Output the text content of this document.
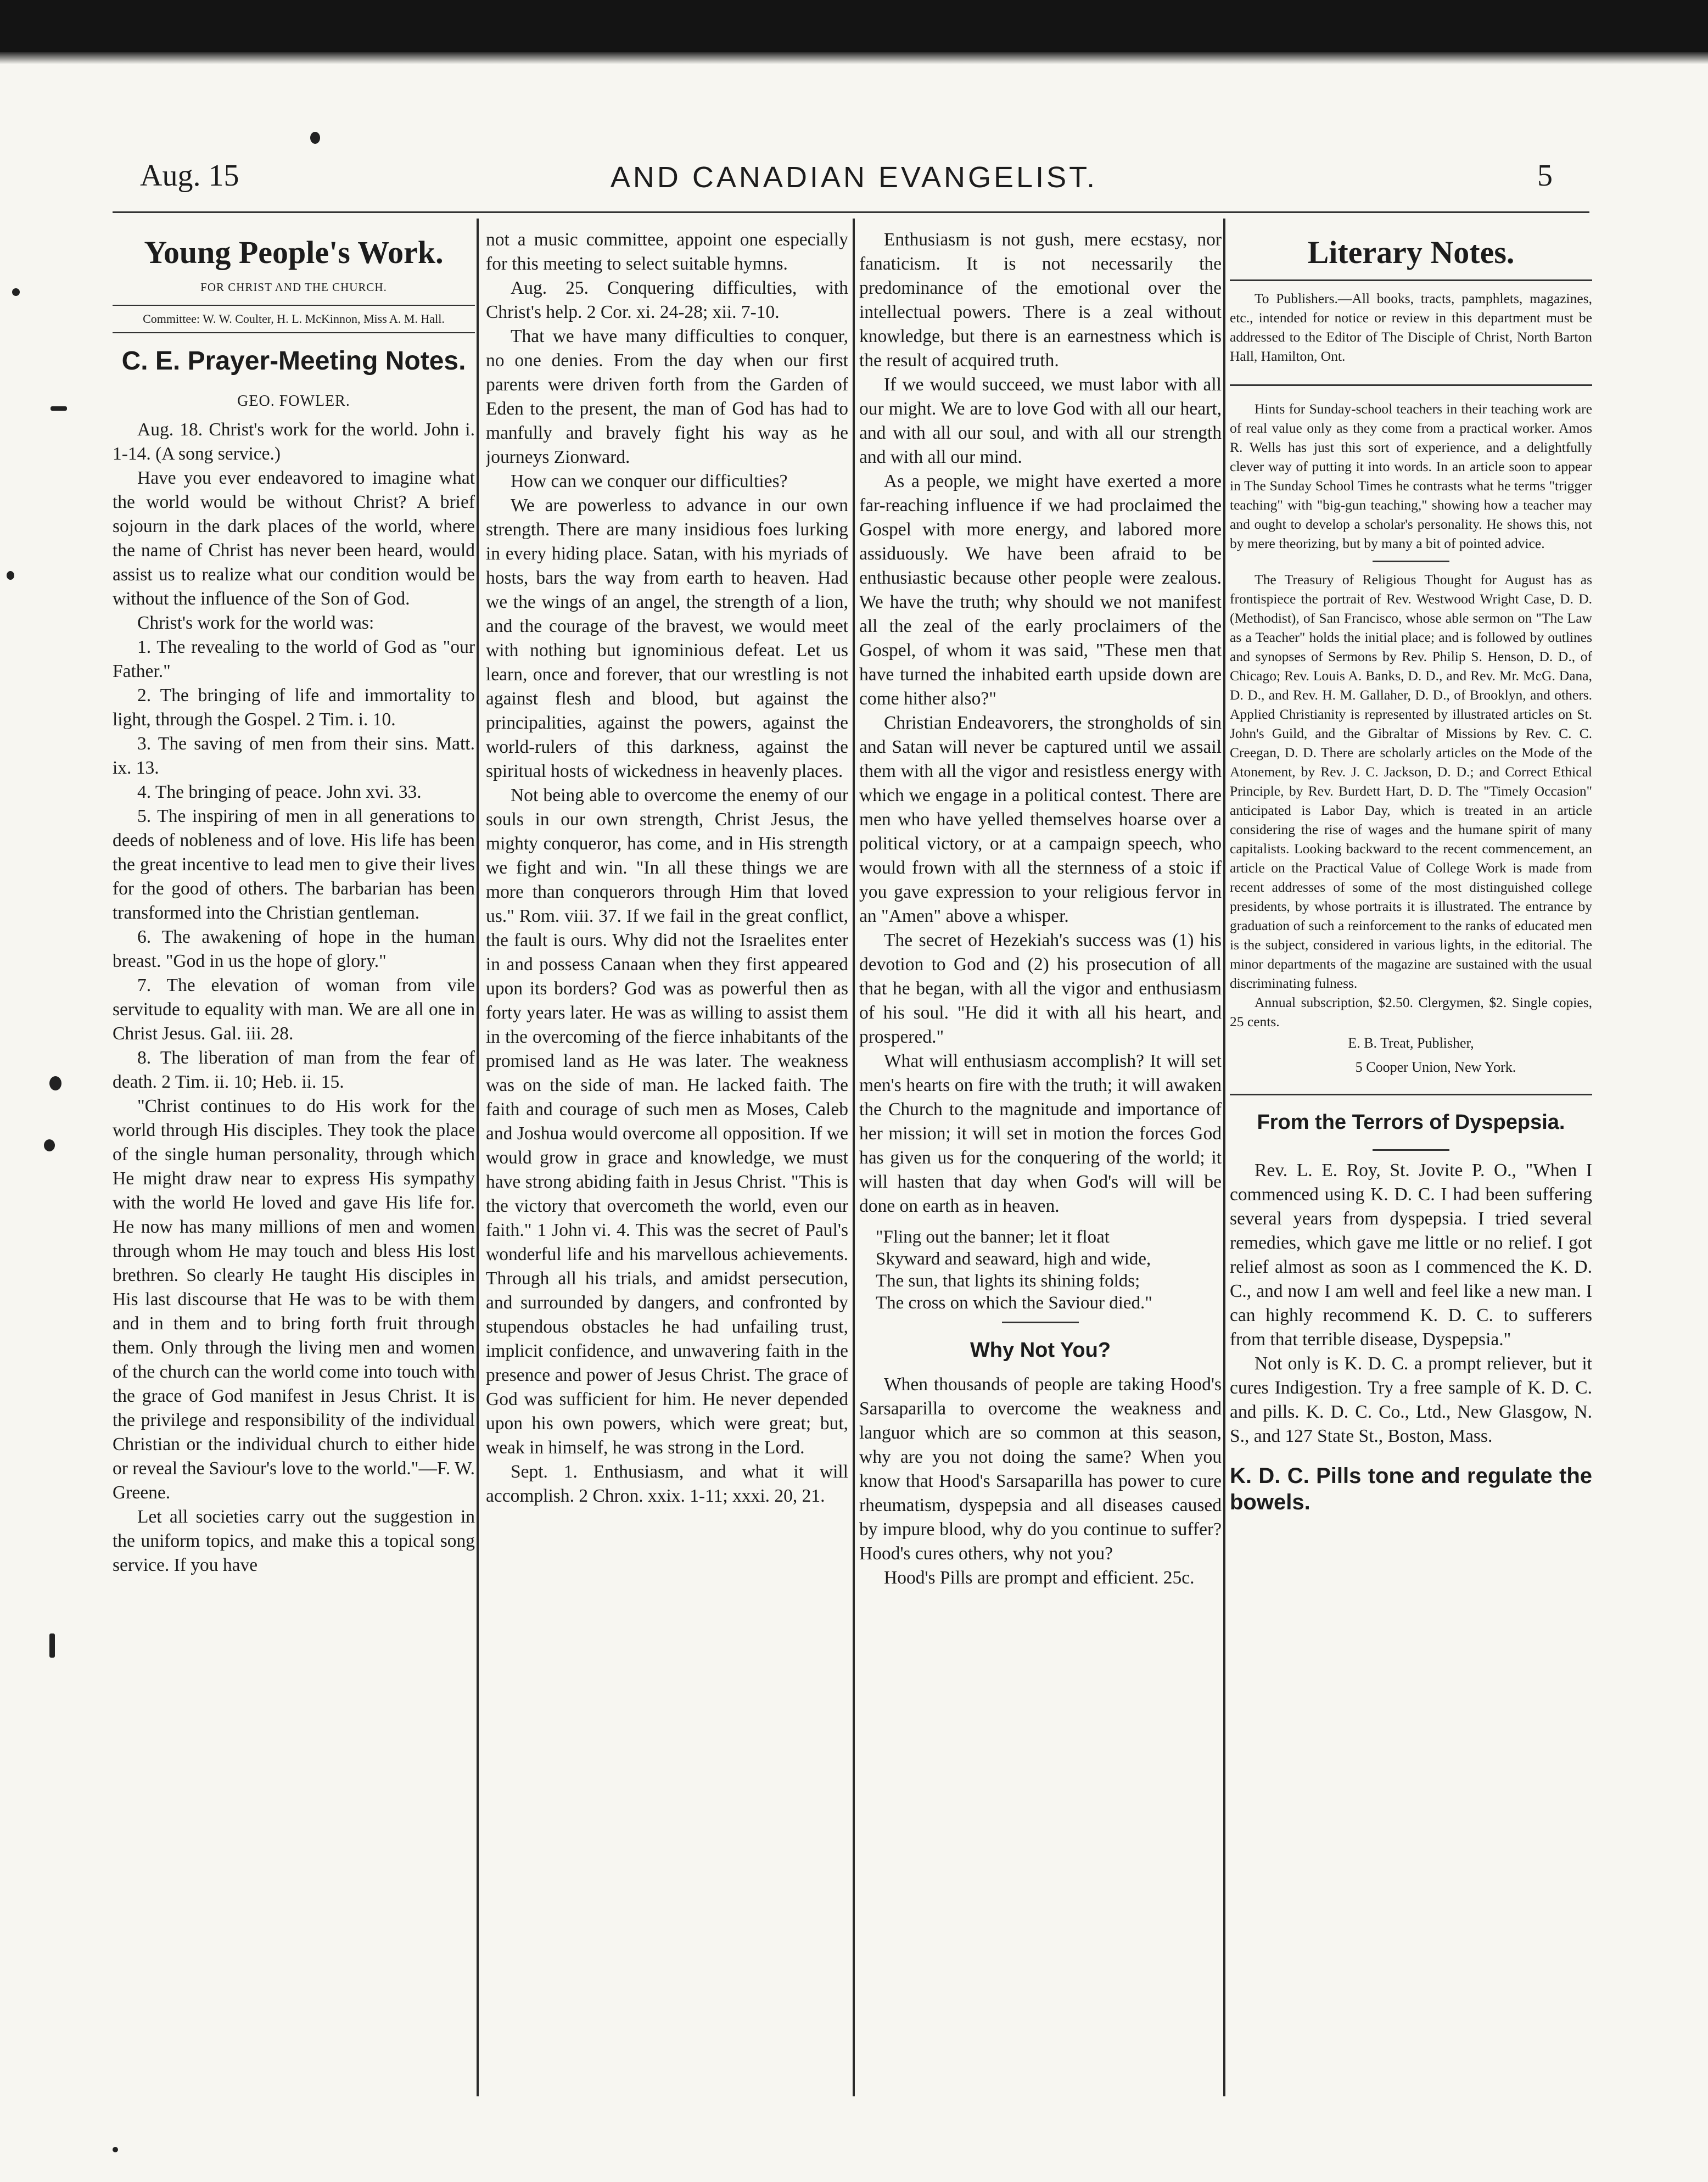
Aug. 15	AND CANADIAN EVANGELIST.	5
Young People's Work.
FOR CHRIST AND THE CHURCH.
Committee: W. W. Coulter, H. L. McKinnon, Miss A. M. Hall.
C. E. Prayer-Meeting Notes.
GEO. FOWLER.

Aug. 18. Christ's work for the world. John i. 1-14. (A song service.)

Have you ever endeavored to imagine what the world would be without Christ? A brief sojourn in the dark places of the world, where the name of Christ has never been heard, would assist us to realize what our condition would be without the influence of the Son of God.

Christ's work for the world was:

1. The revealing to the world of God as "our Father."

2. The bringing of life and immortality to light, through the Gospel. 2 Tim. i. 10.

3. The saving of men from their sins. Matt. ix. 13.

4. The bringing of peace. John xvi. 33.

5. The inspiring of men in all generations to deeds of nobleness and of love. His life has been the great incentive to lead men to give their lives for the good of others. The barbarian has been transformed into the Christian gentleman.

6. The awakening of hope in the human breast. "God in us the hope of glory."

7. The elevation of woman from vile servitude to equality with man. We are all one in Christ Jesus. Gal. iii. 28.

8. The liberation of man from the fear of death. 2 Tim. ii. 10; Heb. ii. 15.

"Christ continues to do His work for the world through His disciples. They took the place of the single human personality, through which He might draw near to express His sympathy with the world He loved and gave His life for. He now has many millions of men and women through whom He may touch and bless His lost brethren. So clearly He taught His disciples in His last discourse that He was to be with them and in them and to bring forth fruit through them. Only through the living men and women of the church can the world come into touch with the grace of God manifest in Jesus Christ. It is the privilege and responsibility of the individual Christian or the individual church to either hide or reveal the Saviour's love to the world."—F. W. Greene.

Let all societies carry out the suggestion in the uniform topics, and make this a topical song service. If you have

not a music committee, appoint one especially for this meeting to select suitable hymns.

Aug. 25. Conquering difficulties, with Christ's help. 2 Cor. xi. 24-28; xii. 7-10.

That we have many difficulties to conquer, no one denies. From the day when our first parents were driven forth from the Garden of Eden to the present, the man of God has had to manfully and bravely fight his way as he journeys Zionward.

How can we conquer our difficulties?

We are powerless to advance in our own strength. There are many insidious foes lurking in every hiding place. Satan, with his myriads of hosts, bars the way from earth to heaven. Had we the wings of an angel, the strength of a lion, and the courage of the bravest, we would meet with nothing but ignominious defeat. Let us learn, once and forever, that our wrestling is not against flesh and blood, but against the principalities, against the powers, against the world-rulers of this darkness, against the spiritual hosts of wickedness in heavenly places.

Not being able to overcome the enemy of our souls in our own strength, Christ Jesus, the mighty conqueror, has come, and in His strength we fight and win. "In all these things we are more than conquerors through Him that loved us." Rom. viii. 37. If we fail in the great conflict, the fault is ours. Why did not the Israelites enter in and possess Canaan when they first appeared upon its borders? God was as powerful then as forty years later. He was as willing to assist them in the overcoming of the fierce inhabitants of the promised land as He was later. The weakness was on the side of man. He lacked faith. The faith and courage of such men as Moses, Caleb and Joshua would overcome all opposition. If we would grow in grace and knowledge, we must have strong abiding faith in Jesus Christ. "This is the victory that overcometh the world, even our faith." 1 John vi. 4. This was the secret of Paul's wonderful life and his marvellous achievements. Through all his trials, and amidst persecution, and surrounded by dangers, and confronted by stupendous obstacles he had unfailing trust, implicit confidence, and unwavering faith in the presence and power of Jesus Christ. The grace of God was sufficient for him. He never depended upon his own powers, which were great; but, weak in himself, he was strong in the Lord.

Sept. 1. Enthusiasm, and what it will accomplish. 2 Chron. xxix. 1-11; xxxi. 20, 21.

Enthusiasm is not gush, mere ecstasy, nor fanaticism. It is not necessarily the predominance of the emotional over the intellectual powers. There is a zeal without knowledge, but there is an earnestness which is the result of acquired truth.

If we would succeed, we must labor with all our might. We are to love God with all our heart, and with all our soul, and with all our strength and with all our mind.

As a people, we might have exerted a more far-reaching influence if we had proclaimed the Gospel with more energy, and labored more assiduously. We have been afraid to be enthusiastic because other people were zealous. We have the truth; why should we not manifest all the zeal of the early proclaimers of the Gospel, of whom it was said, "These men that have turned the inhabited earth upside down are come hither also?"

Christian Endeavorers, the strongholds of sin and Satan will never be captured until we assail them with all the vigor and resistless energy with which we engage in a political contest. There are men who have yelled themselves hoarse over a political victory, or at a campaign speech, who would frown with all the sternness of a stoic if you gave expression to your religious fervor in an "Amen" above a whisper.

The secret of Hezekiah's success was (1) his devotion to God and (2) his prosecution of all that he began, with all the vigor and enthusiasm of his soul. "He did it with all his heart, and prospered."

What will enthusiasm accomplish? It will set men's hearts on fire with the truth; it will awaken the Church to the magnitude and importance of her mission; it will set in motion the forces God has given us for the conquering of the world; it will hasten that day when God's will will be done on earth as in heaven.

"Fling out the banner; let it float
Skyward and seaward, high and wide,
The sun, that lights its shining folds;
The cross on which the Saviour died."
Why Not You?

When thousands of people are taking Hood's Sarsaparilla to overcome the weakness and languor which are so common at this season, why are you not doing the same? When you know that Hood's Sarsaparilla has power to cure rheumatism, dyspepsia and all diseases caused by impure blood, why do you continue to suffer? Hood's cures others, why not you?

Hood's Pills are prompt and efficient. 25c.

Literary Notes.

To Publishers.—All books, tracts, pamphlets, magazines, etc., intended for notice or review in this department must be addressed to the Editor of The Disciple of Christ, North Barton Hall, Hamilton, Ont.

Hints for Sunday-school teachers in their teaching work are of real value only as they come from a practical worker. Amos R. Wells has just this sort of experience, and a delightfully clever way of putting it into words. In an article soon to appear in The Sunday School Times he contrasts what he terms "trigger teaching" with "big-gun teaching," showing how a teacher may and ought to develop a scholar's personality. He shows this, not by mere theorizing, but by many a bit of pointed advice.

The Treasury of Religious Thought for August has as frontispiece the portrait of Rev. Westwood Wright Case, D. D. (Methodist), of San Francisco, whose able sermon on "The Law as a Teacher" holds the initial place; and is followed by outlines and synopses of Sermons by Rev. Philip S. Henson, D. D., of Chicago; Rev. Louis A. Banks, D. D., and Rev. Mr. McG. Dana, D. D., and Rev. H. M. Gallaher, D. D., of Brooklyn, and others. Applied Christianity is represented by illustrated articles on St. John's Guild, and the Gibraltar of Missions by Rev. C. C. Creegan, D. D. There are scholarly articles on the Mode of the Atonement, by Rev. J. C. Jackson, D. D.; and Correct Ethical Principle, by Rev. Burdett Hart, D. D. The "Timely Occasion" anticipated is Labor Day, which is treated in an article considering the rise of wages and the humane spirit of many capitalists. Looking backward to the recent commencement, an article on the Practical Value of College Work is made from recent addresses of some of the most distinguished college presidents, by whose portraits it is illustrated. The entrance by graduation of such a reinforcement to the ranks of educated men is the subject, considered in various lights, in the editorial. The minor departments of the magazine are sustained with the usual discriminating fulness.

Annual subscription, $2.50. Clergymen, $2. Single copies, 25 cents.

E. B. Treat, Publisher,
5 Cooper Union, New York.
From the Terrors of Dyspepsia.

Rev. L. E. Roy, St. Jovite P. O., "When I commenced using K. D. C. I had been suffering several years from dyspepsia. I tried several remedies, which gave me little or no relief. I got relief almost as soon as I commenced the K. D. C., and now I am well and feel like a new man. I can highly recommend K. D. C. to sufferers from that terrible disease, Dyspepsia."

Not only is K. D. C. a prompt reliever, but it cures Indigestion. Try a free sample of K. D. C. and pills. K. D. C. Co., Ltd., New Glasgow, N. S., and 127 State St., Boston, Mass.

K. D. C. Pills tone and regulate the bowels.
